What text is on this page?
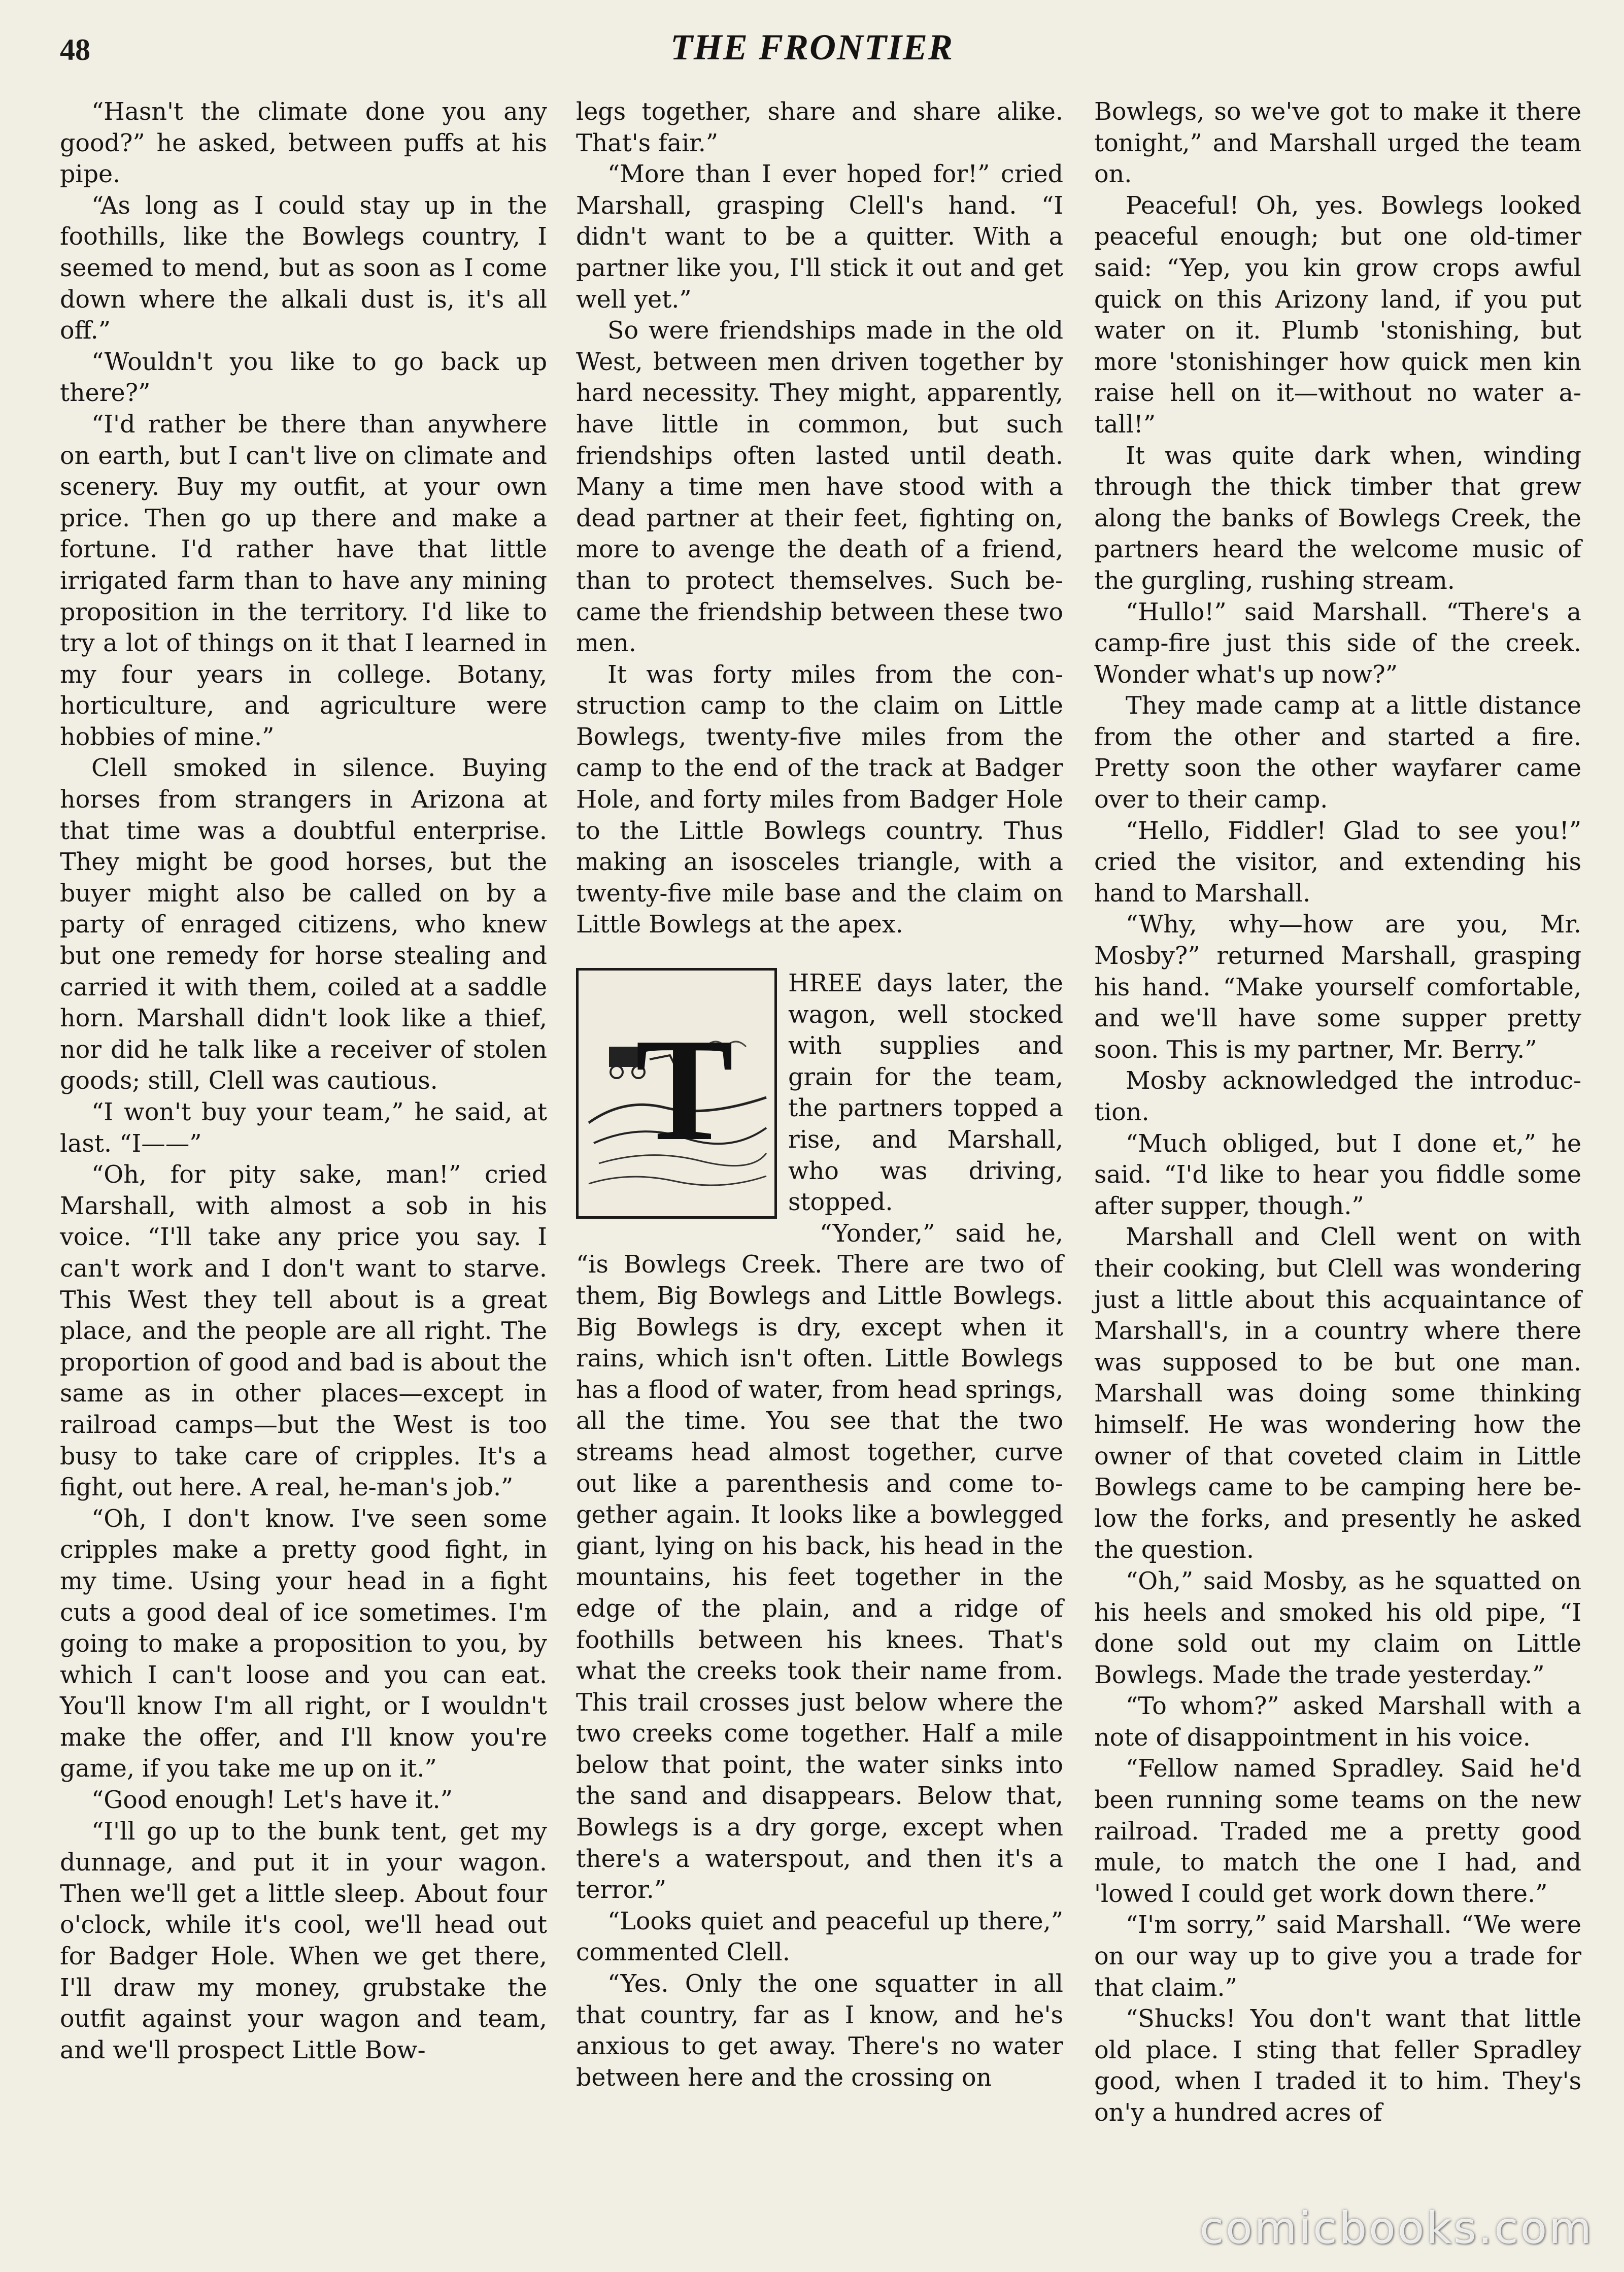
48	THE FRONTIER

“Hasn't the climate done you any good?” he asked, between puffs at his pipe.

“As long as I could stay up in the foothills, like the Bowlegs country, I seemed to mend, but as soon as I come down where the alkali dust is, it's all off.”

“Wouldn't you like to go back up there?”

“I'd rather be there than anywhere on earth, but I can't live on climate and scenery. Buy my outfit, at your own price. Then go up there and make a fortune. I'd rather have that little irrigated farm than to have any mining proposition in the territory. I'd like to try a lot of things on it that I learned in my four years in college. Botany, horticulture, and agriculture were hobbies of mine.”

Clell smoked in silence. Buying horses from strangers in Arizona at that time was a doubtful enterprise. They might be good horses, but the buyer might also be called on by a party of enraged citizens, who knew but one remedy for horse stealing and carried it with them, coiled at a saddle horn. Marshall didn't look like a thief, nor did he talk like a receiver of stolen goods; still, Clell was cautious.

“I won't buy your team,” he said, at last. “I——”

“Oh, for pity sake, man!” cried Marshall, with almost a sob in his voice. “I'll take any price you say. I can't work and I don't want to starve. This West they tell about is a great place, and the people are all right. The proportion of good and bad is about the same as in other places—except in railroad camps—but the West is too busy to take care of cripples. It's a fight, out here. A real, he-man's job.”

“Oh, I don't know. I've seen some cripples make a pretty good fight, in my time. Using your head in a fight cuts a good deal of ice sometimes. I'm going to make a proposition to you, by which I can't loose and you can eat. You'll know I'm all right, or I wouldn't make the offer, and I'll know you're game, if you take me up on it.”

“Good enough! Let's have it.”

“I'll go up to the bunk tent, get my dunnage, and put it in your wagon. Then we'll get a little sleep. About four o'clock, while it's cool, we'll head out for Badger Hole. When we get there, I'll draw my money, grubstake the outfit against your wagon and team, and we'll prospect Little Bow-

legs together, share and share alike. That's fair.”

“More than I ever hoped for!” cried Marshall, grasping Clell's hand. “I didn't want to be a quitter. With a partner like you, I'll stick it out and get well yet.”

So were friendships made in the old West, between men driven together by hard necessity. They might, apparently, have little in common, but such friendships often lasted until death. Many a time men have stood with a dead partner at their feet, fighting on, more to avenge the death of a friend, than to protect themselves. Such became the friendship between these two men.

It was forty miles from the construction camp to the claim on Little Bowlegs, twenty-five miles from the camp to the end of the track at Badger Hole, and forty miles from Badger Hole to the Little Bowlegs country. Thus making an isosceles triangle, with a twenty-five mile base and the claim on Little Bowlegs at the apex.

T

HREE days later, the wagon, well stocked with supplies and grain for the team, the partners topped a rise, and Marshall, who was driving, stopped.

“Yonder,” said he, “is Bowlegs Creek. There are two of them, Big Bowlegs and Little Bowlegs. Big Bowlegs is dry, except when it rains, which isn't often. Little Bowlegs has a flood of water, from head springs, all the time. You see that the two streams head almost together, curve out like a parenthesis and come together again. It looks like a bowlegged giant, lying on his back, his head in the mountains, his feet together in the edge of the plain, and a ridge of foothills between his knees. That's what the creeks took their name from. This trail crosses just below where the two creeks come together. Half a mile below that point, the water sinks into the sand and disappears. Below that, Bowlegs is a dry gorge, except when there's a waterspout, and then it's a terror.”

“Looks quiet and peaceful up there,” commented Clell.

“Yes. Only the one squatter in all that country, far as I know, and he's anxious to get away. There's no water between here and the crossing on

Bowlegs, so we've got to make it there tonight,” and Marshall urged the team on.

Peaceful! Oh, yes. Bowlegs looked peaceful enough; but one old-timer said: “Yep, you kin grow crops awful quick on this Arizony land, if you put water on it. Plumb 'stonishing, but more 'stonishinger how quick men kin raise hell on it—without no water a-tall!”

It was quite dark when, winding through the thick timber that grew along the banks of Bowlegs Creek, the partners heard the welcome music of the gurgling, rushing stream.

“Hullo!” said Marshall. “There's a camp-fire just this side of the creek. Wonder what's up now?”

They made camp at a little distance from the other and started a fire. Pretty soon the other wayfarer came over to their camp.

“Hello, Fiddler! Glad to see you!” cried the visitor, and extending his hand to Marshall.

“Why, why—how are you, Mr. Mosby?” returned Marshall, grasping his hand. “Make yourself comfortable, and we'll have some supper pretty soon. This is my partner, Mr. Berry.”

Mosby acknowledged the introduction.

“Much obliged, but I done et,” he said. “I'd like to hear you fiddle some after supper, though.”

Marshall and Clell went on with their cooking, but Clell was wondering just a little about this acquaintance of Marshall's, in a country where there was supposed to be but one man. Marshall was doing some thinking himself. He was wondering how the owner of that coveted claim in Little Bowlegs came to be camping here below the forks, and presently he asked the question.

“Oh,” said Mosby, as he squatted on his heels and smoked his old pipe, “I done sold out my claim on Little Bowlegs. Made the trade yesterday.”

“To whom?” asked Marshall with a note of disappointment in his voice.

“Fellow named Spradley. Said he'd been running some teams on the new railroad. Traded me a pretty good mule, to match the one I had, and 'lowed I could get work down there.”

“I'm sorry,” said Marshall. “We were on our way up to give you a trade for that claim.”

“Shucks! You don't want that little old place. I sting that feller Spradley good, when I traded it to him. They's on'y a hundred acres of

comicbooks.com
